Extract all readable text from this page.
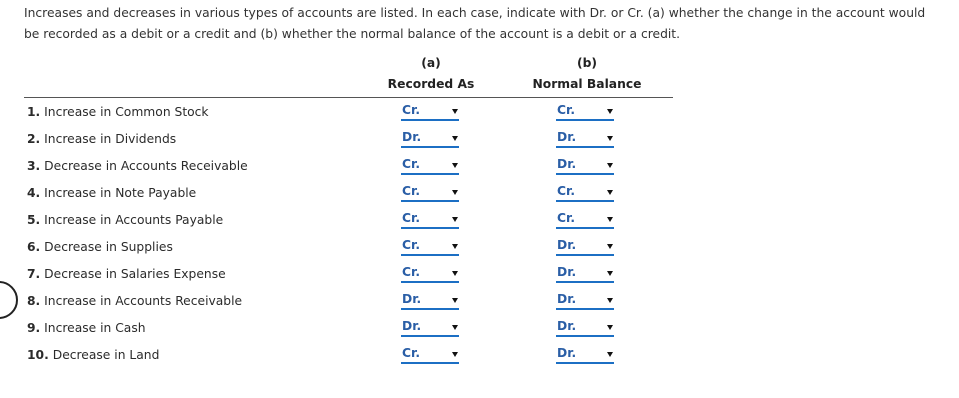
Increases and decreases in various types of accounts are listed. In each case, indicate with Dr. or Cr. (a) whether the change in the account would be recorded as a debit or a credit and (b) whether the normal balance of the account is a debit or a credit.
(a)
Recorded As
(b)
Normal Balance
1. Increase in Common Stock	Cr.	Cr.
2. Increase in Dividends	Dr.	Dr.
3. Decrease in Accounts Receivable	Cr.	Dr.
4. Increase in Note Payable	Cr.	Cr.
5. Increase in Accounts Payable	Cr.	Cr.
6. Decrease in Supplies	Cr.	Dr.
7. Decrease in Salaries Expense	Cr.	Dr.
8. Increase in Accounts Receivable	Dr.	Dr.
9. Increase in Cash	Dr.	Dr.
10. Decrease in Land	Cr.	Dr.
